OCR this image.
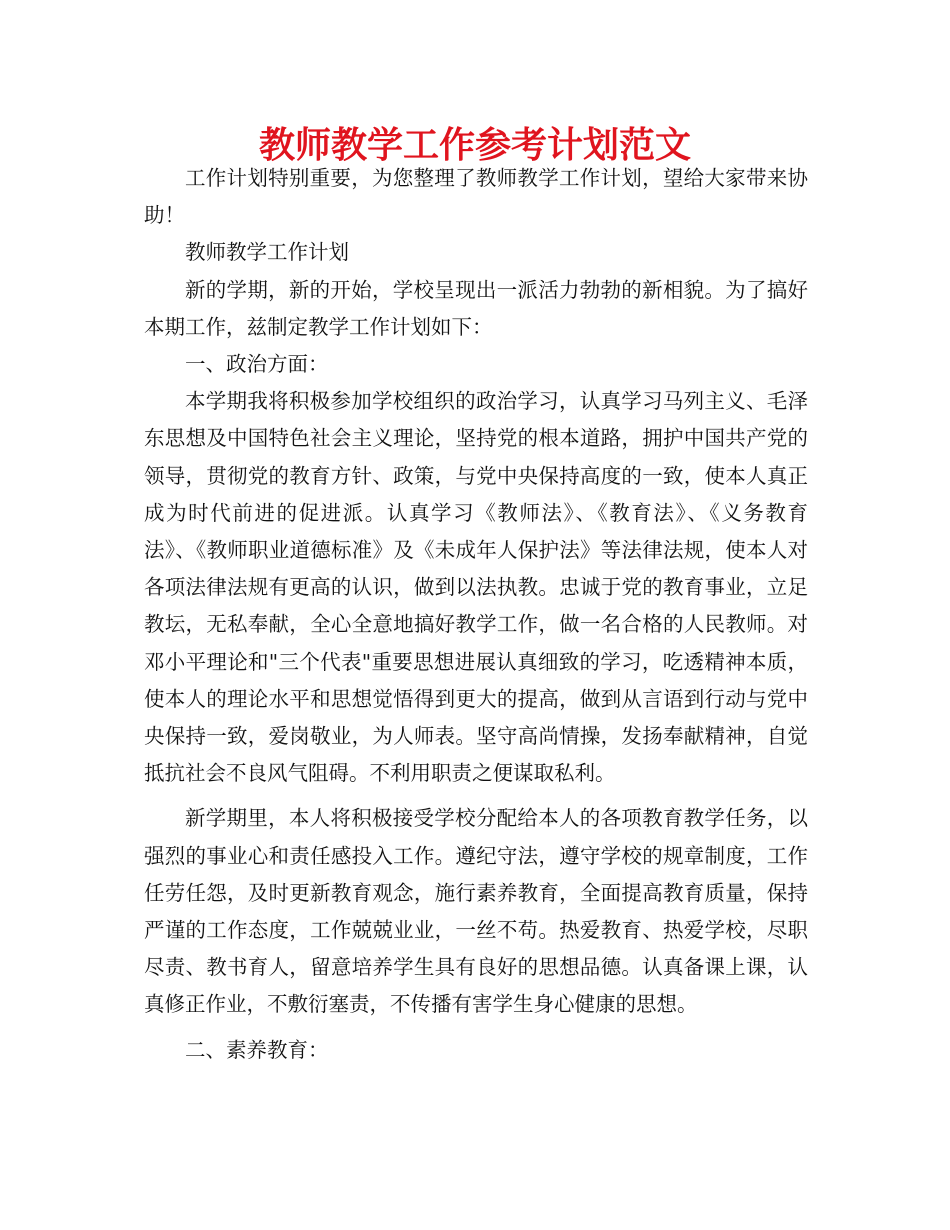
教师教学工作参考计划范文

工作计划特别重要，为您整理了教师教学工作计划，望给大家带来协助！

教师教学工作计划

新的学期，新的开始，学校呈现出一派活力勃勃的新相貌。为了搞好本期工作，兹制定教学工作计划如下：

一、政治方面：

本学期我将积极参加学校组织的政治学习，认真学习马列主义、毛泽东思想及中国特色社会主义理论，坚持党的根本道路，拥护中国共产党的领导，贯彻党的教育方针、政策，与党中央保持高度的一致，使本人真正成为时代前进的促进派。认真学习《教师法》、《教育法》、《义务教育法》、《教师职业道德标准》及《未成年人保护法》等法律法规，使本人对各项法律法规有更高的认识，做到以法执教。忠诚于党的教育事业，立足教坛，无私奉献，全心全意地搞好教学工作，做一名合格的人民教师。对邓小平理论和"三个代表"重要思想进展认真细致的学习，吃透精神本质，使本人的理论水平和思想觉悟得到更大的提高，做到从言语到行动与党中央保持一致，爱岗敬业，为人师表。坚守高尚情操，发扬奉献精神，自觉抵抗社会不良风气阻碍。不利用职责之便谋取私利。

新学期里，本人将积极接受学校分配给本人的各项教育教学任务，以强烈的事业心和责任感投入工作。遵纪守法，遵守学校的规章制度，工作任劳任怨，及时更新教育观念，施行素养教育，全面提高教育质量，保持严谨的工作态度，工作兢兢业业，一丝不苟。热爱教育、热爱学校，尽职尽责、教书育人，留意培养学生具有良好的思想品德。认真备课上课，认真修正作业，不敷衍塞责，不传播有害学生身心健康的思想。

二、素养教育：
